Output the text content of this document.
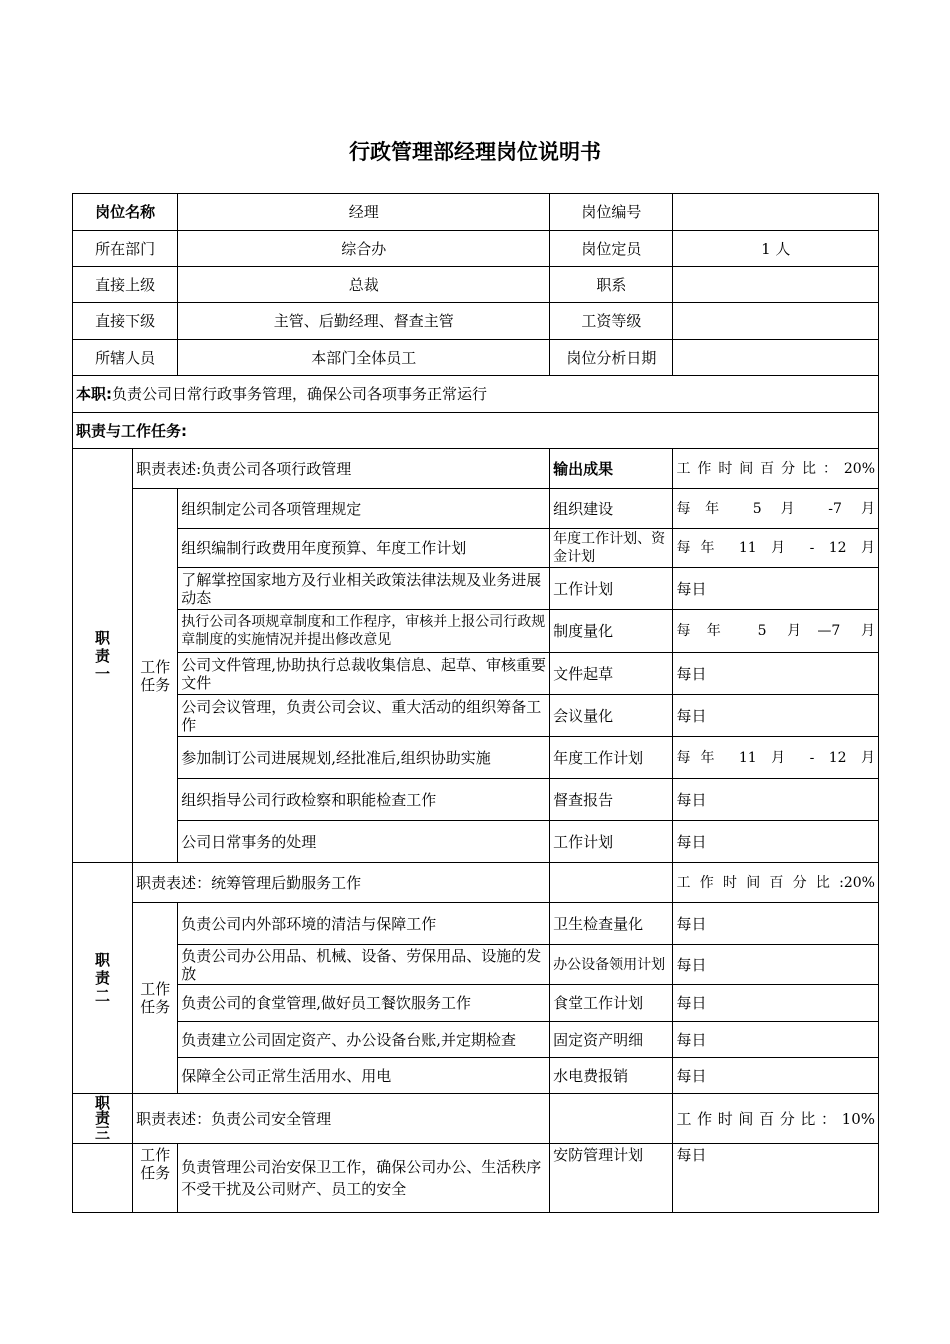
行政管理部经理岗位说明书
岗位名称		经理	岗位编号	
所在部门		综合办	岗位定员	1 人
直接上级		总裁	职系	
直接下级		主管、后勤经理、督查主管	工资等级	
所辖人员		本部门全体员工	岗位分析日期	
本职:负责公司日常行政事务管理，确保公司各项事务正常运行				
职责与工作任务:				

职责一	职责表述:负责公司各项行政管理		输出成果	工作时间百分比：20%

	工作任务	组织制定公司各项管理规定	组织建设	每年 5 月 -7 月
		组织编制行政费用年度预算、年度工作计划	年度工作计划、资金计划	每年 11 月 - 12 月
		了解掌控国家地方及行业相关政策法律法规及业务进展动态	工作计划	每日
		执行公司各项规章制度和工作程序，审核并上报公司行政规章制度的实施情况并提出修改意见	制度量化	每年 5 月—7 月
		公司文件管理,协助执行总裁收集信息、起草、审核重要文件	文件起草	每日
		公司会议管理，负责公司会议、重大活动的组织筹备工作	会议量化	每日
		参加制订公司进展规划,经批准后,组织协助实施	年度工作计划	每年 11 月 - 12 月
		组织指导公司行政检察和职能检查工作	督查报告	每日
		公司日常事务的处理	工作计划	每日

职责二	职责表述：统筹管理后勤服务工作			工作时间百分比:20%

	工作任务	负责公司内外部环境的清洁与保障工作	卫生检查量化	每日
		负责公司办公用品、机械、设备、劳保用品、设施的发放	办公设备领用计划	每日
		负责公司的食堂管理,做好员工餐饮服务工作	食堂工作计划	每日
		负责建立公司固定资产、办公设备台账,并定期检查	固定资产明细	每日
		保障全公司正常生活用水、用电	水电费报销	每日

职责三	职责表述：负责公司安全管理			工作时间百分比：10%

	工作任务	负责管理公司治安保卫工作，确保公司办公、生活秩序不受干扰及公司财产、员工的安全	安防管理计划	每日
